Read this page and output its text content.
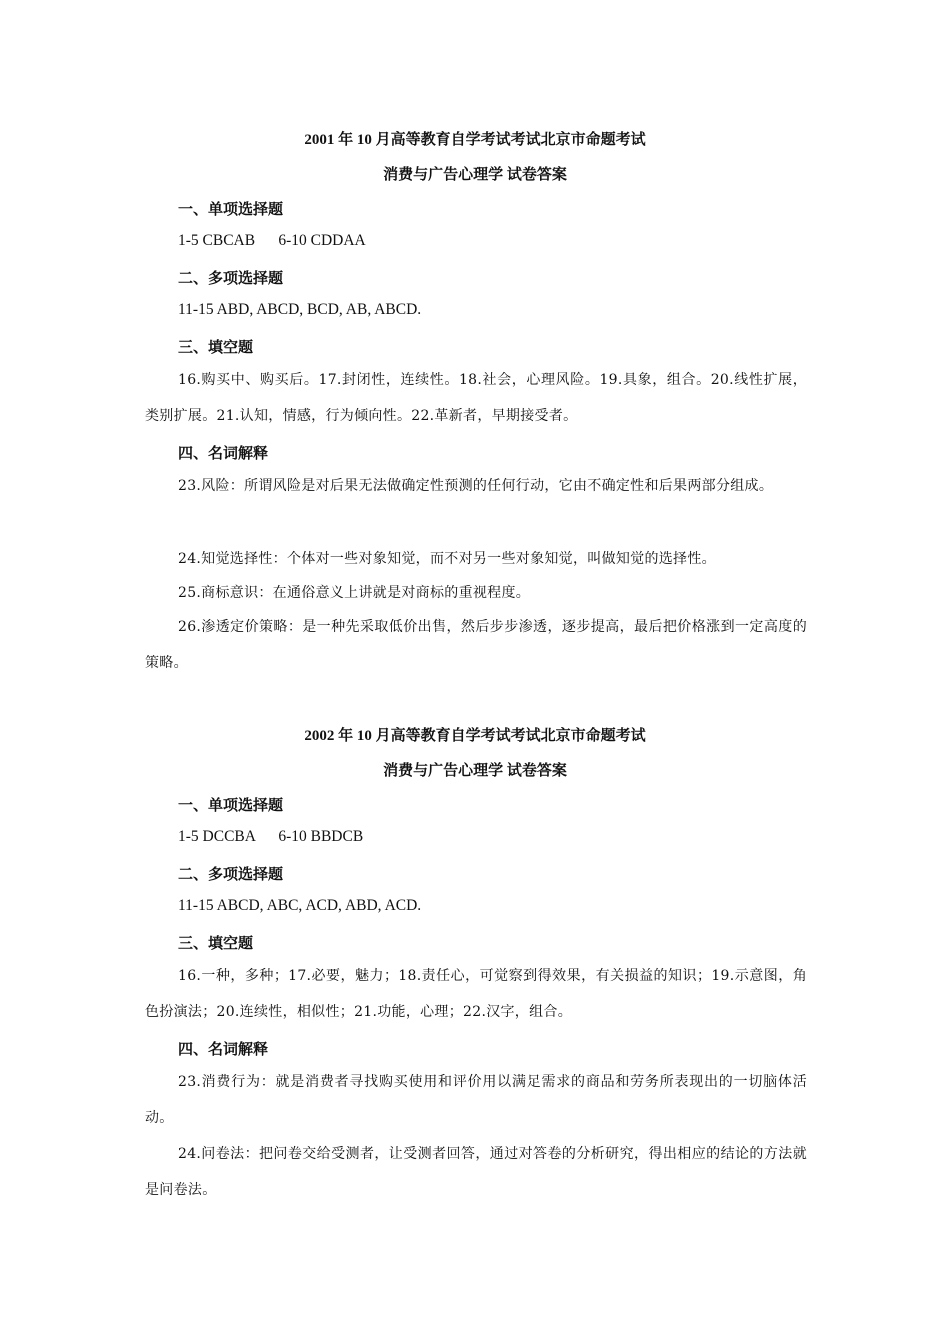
2001 年 10 月高等教育自学考试考试北京市命题考试
消费与广告心理学 试卷答案
一、单项选择题
1-5 CBCAB      6-10 CDDAA
二、多项选择题
11-15 ABD, ABCD, BCD, AB, ABCD.
三、填空题
16.购买中、购买后。17.封闭性，连续性。18.社会，心理风险。19.具象，组合。20.线性扩展，类别扩展。21.认知，情感，行为倾向性。22.革新者，早期接受者。
四、名词解释
23.风险：所谓风险是对后果无法做确定性预测的任何行动，它由不确定性和后果两部分组成。
24.知觉选择性：个体对一些对象知觉，而不对另一些对象知觉，叫做知觉的选择性。
25.商标意识：在通俗意义上讲就是对商标的重视程度。
26.渗透定价策略：是一种先采取低价出售，然后步步渗透，逐步提高，最后把价格涨到一定高度的策略。
2002 年 10 月高等教育自学考试考试北京市命题考试
消费与广告心理学 试卷答案
一、单项选择题
1-5 DCCBA      6-10 BBDCB
二、多项选择题
11-15 ABCD, ABC, ACD, ABD, ACD.
三、填空题
16.一种，多种；17.必要，魅力；18.责任心，可觉察到得效果，有关损益的知识；19.示意图，角色扮演法；20.连续性，相似性；21.功能，心理；22.汉字，组合。
四、名词解释
23.消费行为：就是消费者寻找购买使用和评价用以满足需求的商品和劳务所表现出的一切脑体活动。
24.问卷法：把问卷交给受测者，让受测者回答，通过对答卷的分析研究，得出相应的结论的方法就是问卷法。
